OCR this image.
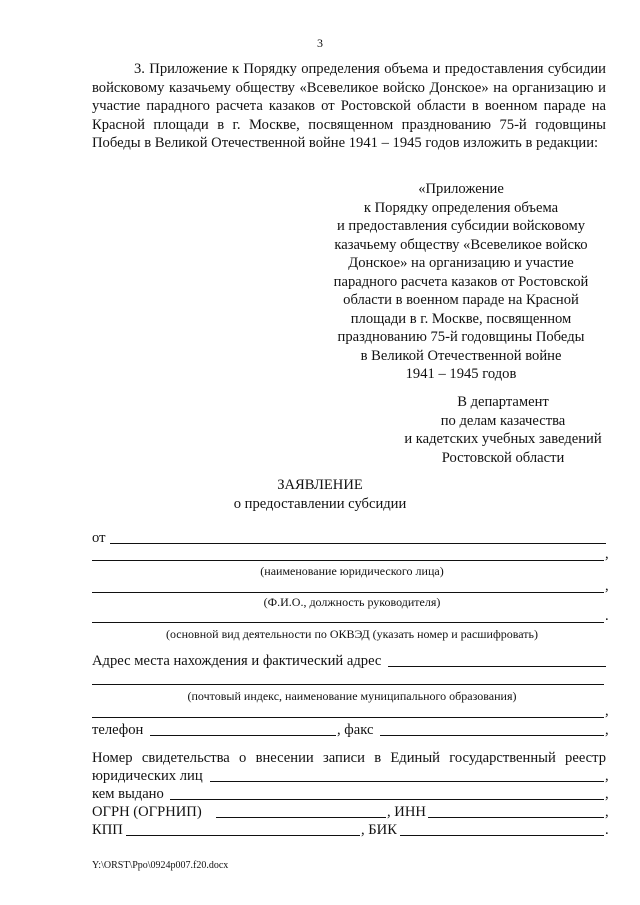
3

3. Приложение к Порядку определения объема и предоставления субсидии войсковому казачьему обществу «Всевеликое войско Донское» на организацию и участие парадного расчета казаков от Ростовской области в военном параде на Красной площади в г. Москве, посвященном празднованию 75-й годовщины Победы в Великой Отечественной войне 1941 – 1945 годов изложить в редакции:

«Приложение
к Порядку определения объема
и предоставления субсидии войсковому
казачьему обществу «Всевеликое войско
Донское» на организацию и участие
парадного расчета казаков от Ростовской
области в военном параде на Красной
площади в г. Москве, посвященном
празднованию 75-й годовщины Победы
в Великой Отечественной войне
1941 – 1945 годов
В департамент
по делам казачества
и кадетских учебных заведений
Ростовской области
ЗАЯВЛЕНИЕ
о предоставлении субсидии
от
,
(наименование юридического лица)
,
(Ф.И.О., должность руководителя)
.
(основной вид деятельности по ОКВЭД (указать номер и расшифровать)
Адрес места нахождения и фактический адрес
(почтовый индекс, наименование муниципального образования)
,
телефон	, факс	,
Номер свидетельства о внесении записи в Единый государственный реестр
юридических лиц	,
кем выдано	,
ОГРН (ОГРНИП)	, ИНН	,
КПП	, БИК	.
Y:\ORST\Ppo\0924p007.f20.docx
